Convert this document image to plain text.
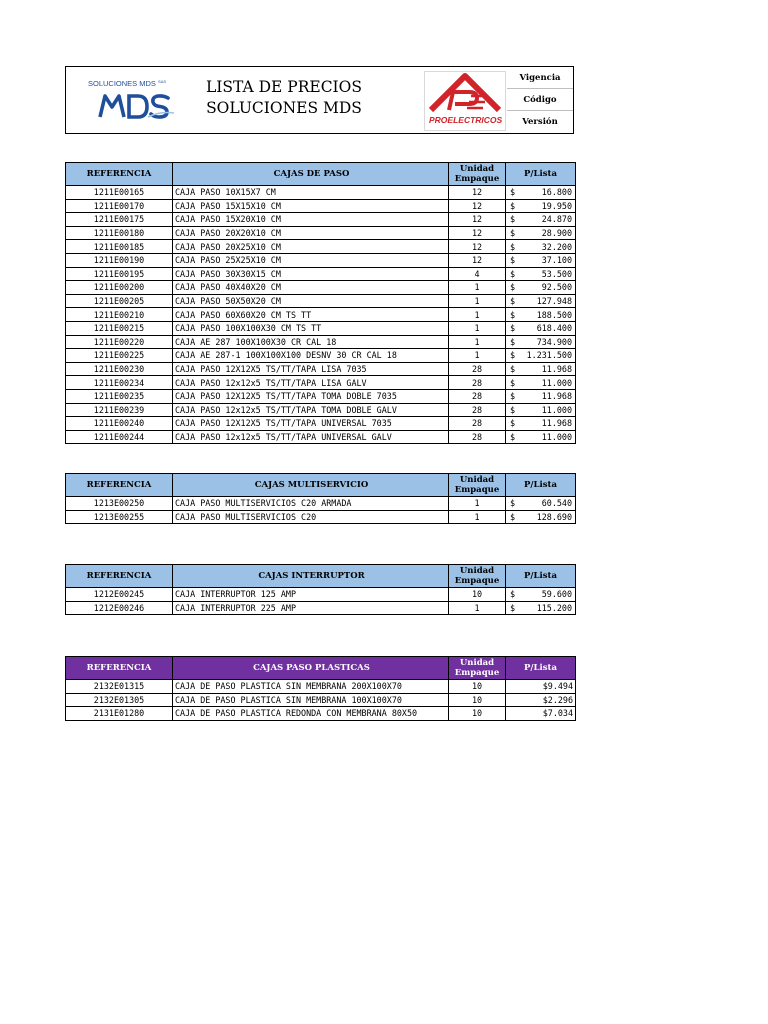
SOLUCIONES MDS $^{SAS}$	LISTA DE PRECIOS
SOLUCIONES MDS
PROELECTRICOS
Vigencia
Código
Versión
REFERENCIA	CAJAS DE PASO	Unidad
Empaque	P/Lista
1211E00165	CAJA PASO 10X15X7 CM	12	$ 16.800

1211E00170	CAJA PASO 15X15X10 CM	12	$ 19.950

1211E00175	CAJA PASO 15X20X10 CM	12	$ 24.870

1211E00180	CAJA PASO 20X20X10 CM	12	$ 28.900

1211E00185	CAJA PASO 20X25X10 CM	12	$ 32.200

1211E00190	CAJA PASO 25X25X10 CM	12	$ 37.100

1211E00195	CAJA PASO 30X30X15 CM	4	$ 53.500

1211E00200	CAJA PASO 40X40X20 CM	1	$ 92.500

1211E00205	CAJA PASO 50X50X20 CM	1	$ 127.948

1211E00210	CAJA PASO 60X60X20 CM TS TT	1	$ 188.500

1211E00215	CAJA PASO 100X100X30 CM TS TT	1	$ 618.400

1211E00220	CAJA AE 287 100X100X30 CR CAL 18	1	$ 734.900

1211E00225	CAJA AE 287-1 100X100X100 DESNV 30 CR CAL 18	1	$ 1.231.500

1211E00230	CAJA PASO 12X12X5 TS/TT/TAPA LISA 7035	28	$ 11.968

1211E00234	CAJA PASO 12x12x5 TS/TT/TAPA LISA GALV	28	$ 11.000

1211E00235	CAJA PASO 12X12X5 TS/TT/TAPA TOMA DOBLE 7035	28	$ 11.968

1211E00239	CAJA PASO 12x12x5 TS/TT/TAPA TOMA DOBLE GALV	28	$ 11.000

1211E00240	CAJA PASO 12X12X5 TS/TT/TAPA UNIVERSAL 7035	28	$ 11.968

1211E00244	CAJA PASO 12x12x5 TS/TT/TAPA UNIVERSAL GALV	28	$ 11.000
REFERENCIA	CAJAS MULTISERVICIO	Unidad
Empaque	P/Lista
1213E00250	CAJA PASO MULTISERVICIOS C20 ARMADA	1	$ 60.540

1213E00255	CAJA PASO MULTISERVICIOS C20	1	$ 128.690
REFERENCIA	CAJAS INTERRUPTOR	Unidad
Empaque	P/Lista
1212E00245	CAJA INTERRUPTOR 125 AMP	10	$ 59.600

1212E00246	CAJA INTERRUPTOR 225 AMP	1	$ 115.200
REFERENCIA	CAJAS PASO PLASTICAS	Unidad
Empaque	P/Lista
2132E01315	CAJA DE PASO PLASTICA SIN MEMBRANA 200X100X70	10	$9.494
2132E01305	CAJA DE PASO PLASTICA SIN MEMBRANA 100X100X70	10	$2.296
2131E01280	CAJA DE PASO PLASTICA REDONDA CON MEMBRANA 80X50	10	$7.034
